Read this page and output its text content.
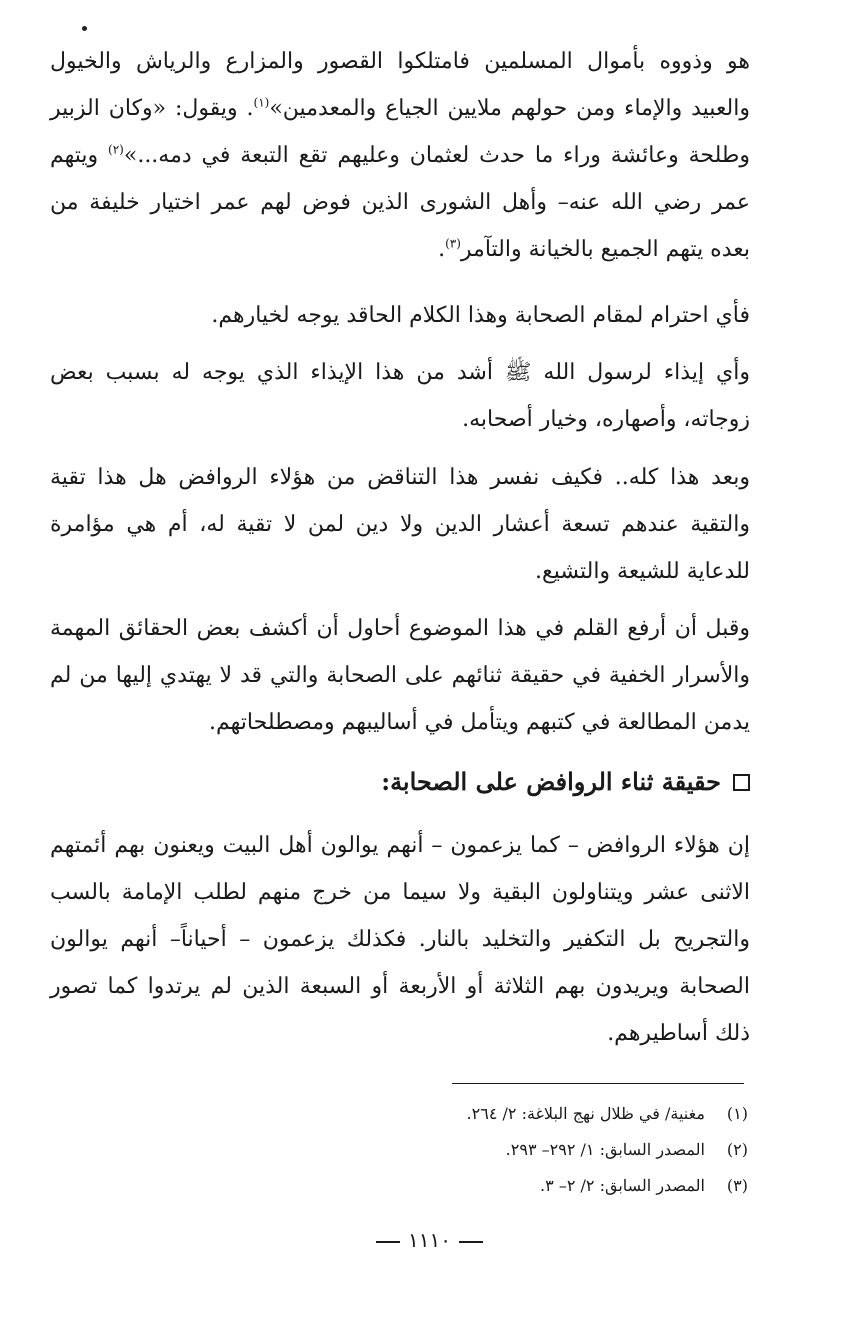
هو وذووه بأموال المسلمين فامتلكوا القصور والمزارع والرياش والخيول والعبيد والإماء ومن حولهم ملايين الجياع والمعدمين»$^{(١)}$. ويقول: «وكان الزبير وطلحة وعائشة وراء ما حدث لعثمان وعليهم تقع التبعة في دمه...»$^{(٢)}$ ويتهم عمر رضي الله عنه– وأهل الشورى الذين فوض لهم عمر اختيار خليفة من بعده يتهم الجميع بالخيانة والتآمر$^{(٣)}$.

فأي احترام لمقام الصحابة وهذا الكلام الحاقد يوجه لخيارهم.

وأي إيذاء لرسول الله ﷺ أشد من هذا الإيذاء الذي يوجه له بسبب بعض زوجاته، وأصهاره، وخيار أصحابه.

وبعد هذا كله.. فكيف نفسر هذا التناقض من هؤلاء الروافض هل هذا تقية والتقية عندهم تسعة أعشار الدين ولا دين لمن لا تقية له، أم هي مؤامرة للدعاية للشيعة والتشيع.

وقبل أن أرفع القلم في هذا الموضوع أحاول أن أكشف بعض الحقائق المهمة والأسرار الخفية في حقيقة ثنائهم على الصحابة والتي قد لا يهتدي إليها من لم يدمن المطالعة في كتبهم ويتأمل في أساليبهم ومصطلحاتهم.

حقيقة ثناء الروافض على الصحابة:

إن هؤلاء الروافض – كما يزعمون – أنهم يوالون أهل البيت ويعنون بهم أئمتهم الاثنى عشر ويتناولون البقية ولا سيما من خرج منهم لطلب الإمامة بالسب والتجريح بل التكفير والتخليد بالنار. فكذلك يزعمون – أحياناً– أنهم يوالون الصحابة ويريدون بهم الثلاثة أو الأربعة أو السبعة الذين لم يرتدوا كما تصور ذلك أساطيرهم.

(١) مغنية/ في ظلال نهج البلاغة: ٢/ ٢٦٤.
(٢) المصدر السابق: ١/ ٢٩٢– ٢٩٣.
(٣) المصدر السابق: ٢/ ٢– ٣.
١١١٠
